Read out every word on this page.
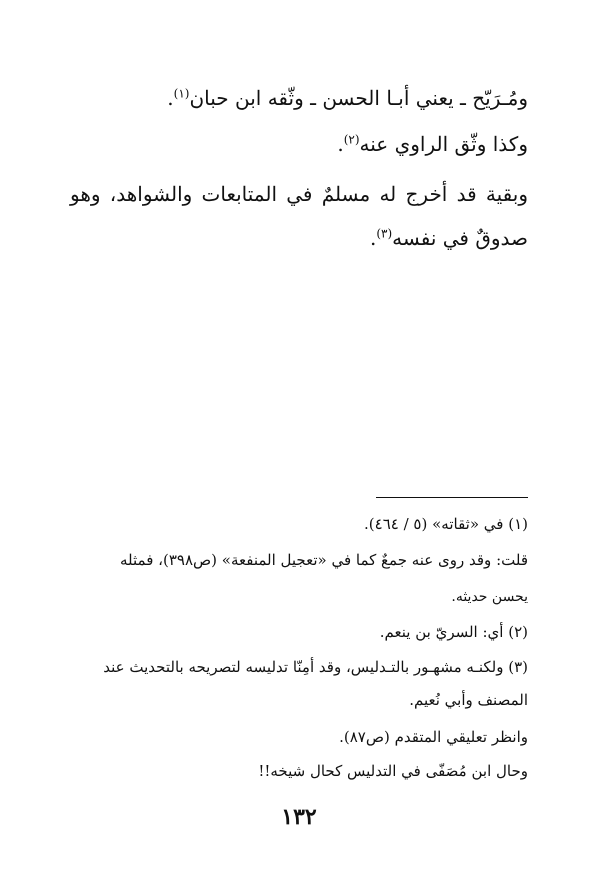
ومُـرَيّح ـ يعني أبـا الحسن ـ وثّقه ابن حبان$^{(١)}$.
وكذا وثّق الراوي عنه$^{(٢)}$.
وبقية قد أخرج له مسلمٌ في المتابعات والشواهد، وهو
صدوقٌ في نفسه$^{(٣)}$.
(١) في «ثقاته» (٥ / ٤٦٤).
قلت: وقد روى عنه جمعٌ كما في «تعجيل المنفعة» (ص٣٩٨)، فمثله
يحسن حديثه.
(٢) أي: السريّ بن ينعم.
(٣) ولكنـه مشهـور بالتـدليس، وقد أمِنّا تدليسه لتصريحه بالتحديث عند
المصنف وأبي نُعيم.
وانظر تعليقي المتقدم (ص٨٧).
وحال ابن مُصَفّى في التدليس كحال شيخه!!
١٣٢
